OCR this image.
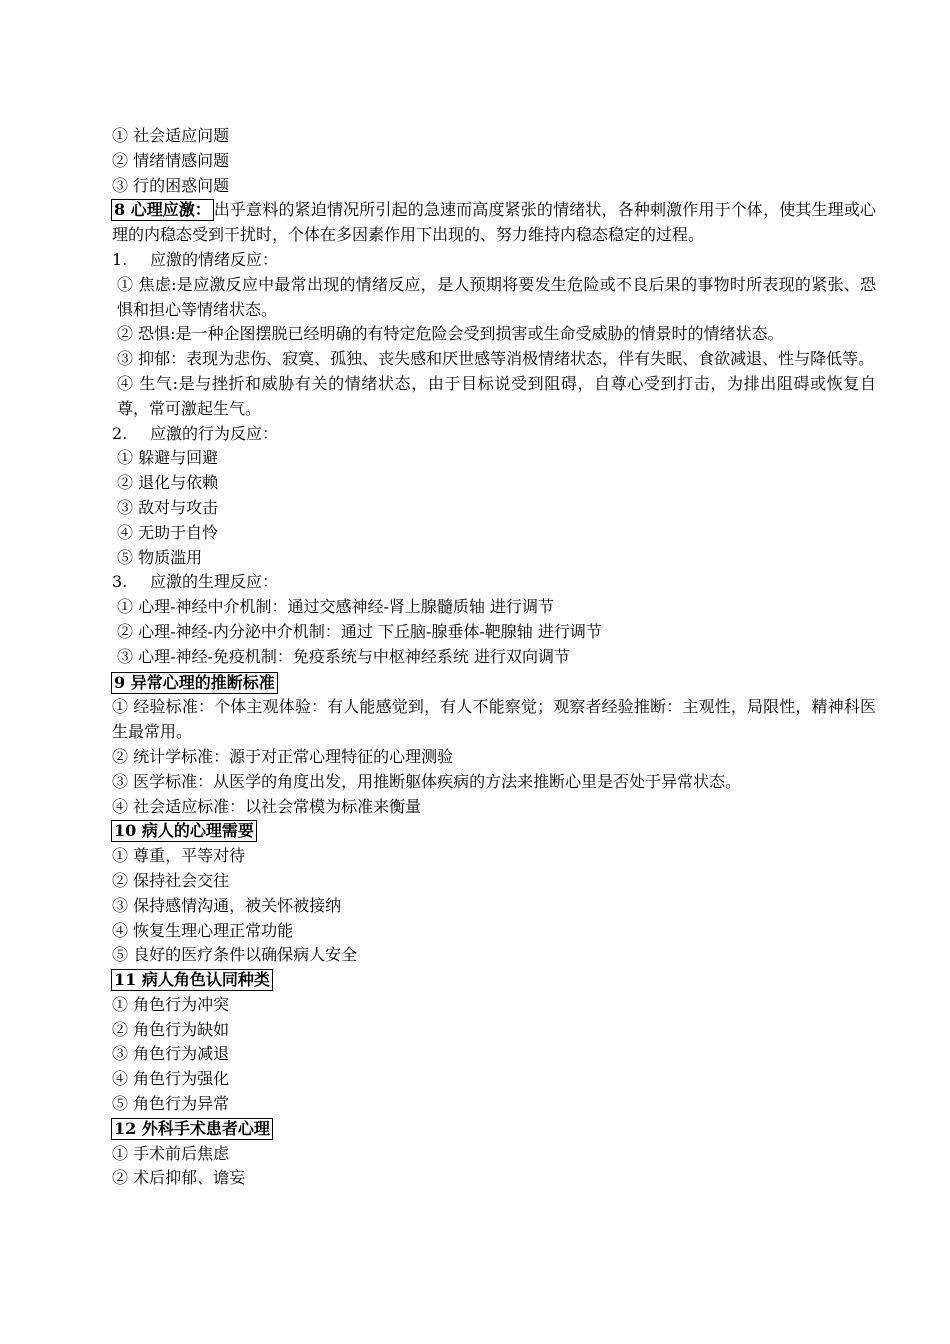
① 社会适应问题
② 情绪情感问题
③ 行的困惑问题
8 心理应激： 出乎意料的紧迫情况所引起的急速而高度紧张的情绪状，各种刺激作用于个体，使其生理或心理的内稳态受到干扰时，个体在多因素作用下出现的、努力维持内稳态稳定的过程。
1. 应激的情绪反应：
① 焦虑:是应激反应中最常出现的情绪反应，是人预期将要发生危险或不良后果的事物时所表现的紧张、恐惧和担心等情绪状态。
② 恐惧:是一种企图摆脱已经明确的有特定危险会受到损害或生命受威胁的情景时的情绪状态。
③ 抑郁：表现为悲伤、寂寞、孤独、丧失感和厌世感等消极情绪状态，伴有失眠、食欲减退、性与降低等。
④ 生气:是与挫折和威胁有关的情绪状态，由于目标说受到阻碍，自尊心受到打击，为排出阻碍或恢复自尊，常可激起生气。
2. 应激的行为反应：
① 躲避与回避
② 退化与依赖
③ 敌对与攻击
④ 无助于自怜
⑤ 物质滥用
3. 应激的生理反应：
① 心理-神经中介机制：通过交感神经-肾上腺髓质轴 进行调节
② 心理-神经-内分泌中介机制：通过 下丘脑-腺垂体-靶腺轴 进行调节
③ 心理-神经-免疫机制：免疫系统与中枢神经系统 进行双向调节
9 异常心理的推断标准
① 经验标准：个体主观体验：有人能感觉到，有人不能察觉；观察者经验推断：主观性，局限性，精神科医生最常用。
② 统计学标准：源于对正常心理特征的心理测验
③ 医学标准：从医学的角度出发，用推断躯体疾病的方法来推断心里是否处于异常状态。
④ 社会适应标准：以社会常模为标准来衡量
10 病人的心理需要
① 尊重，平等对待
② 保持社会交往
③ 保持感情沟通，被关怀被接纳
④ 恢复生理心理正常功能
⑤ 良好的医疗条件以确保病人安全
11 病人角色认同种类
① 角色行为冲突
② 角色行为缺如
③ 角色行为减退
④ 角色行为强化
⑤ 角色行为异常
12 外科手术患者心理
① 手术前后焦虑
② 术后抑郁、谵妄
